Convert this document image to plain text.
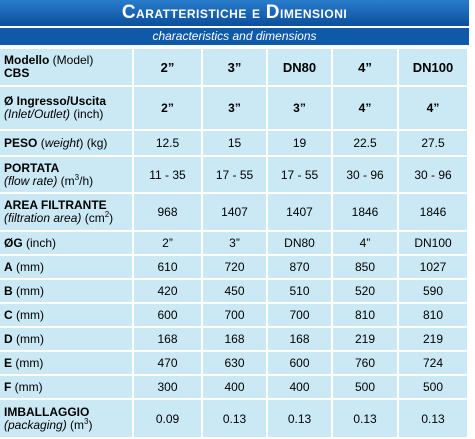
Caratteristiche e Dimensioni
characteristics and dimensions
Modello (Model)
CBS	2”	3”	DN80	4”	DN100
Ø Ingresso/Uscita
(Inlet/Outlet) (inch)	2”	3”	3”	4”	4”
PESO (weight) (kg)	12.5	15	19	22.5	27.5
PORTATA
(flow rate) $(m^3/h)$	11 - 35	17 - 55	17 - 55	30 - 96	30 - 96
AREA FILTRANTE
(filtration area) $(cm^2)$	968	1407	1407	1846	1846
ØG (inch)	2”	3”	DN80	4”	DN100
A (mm)	610	720	870	850	1027
B (mm)	420	450	510	520	590
C (mm)	600	700	700	810	810
D (mm)	168	168	168	219	219
E (mm)	470	630	600	760	724
F (mm)	300	400	400	500	500
IMBALLAGGIO
(packaging) $(m^3)$	0.09	0.13	0.13	0.13	0.13
